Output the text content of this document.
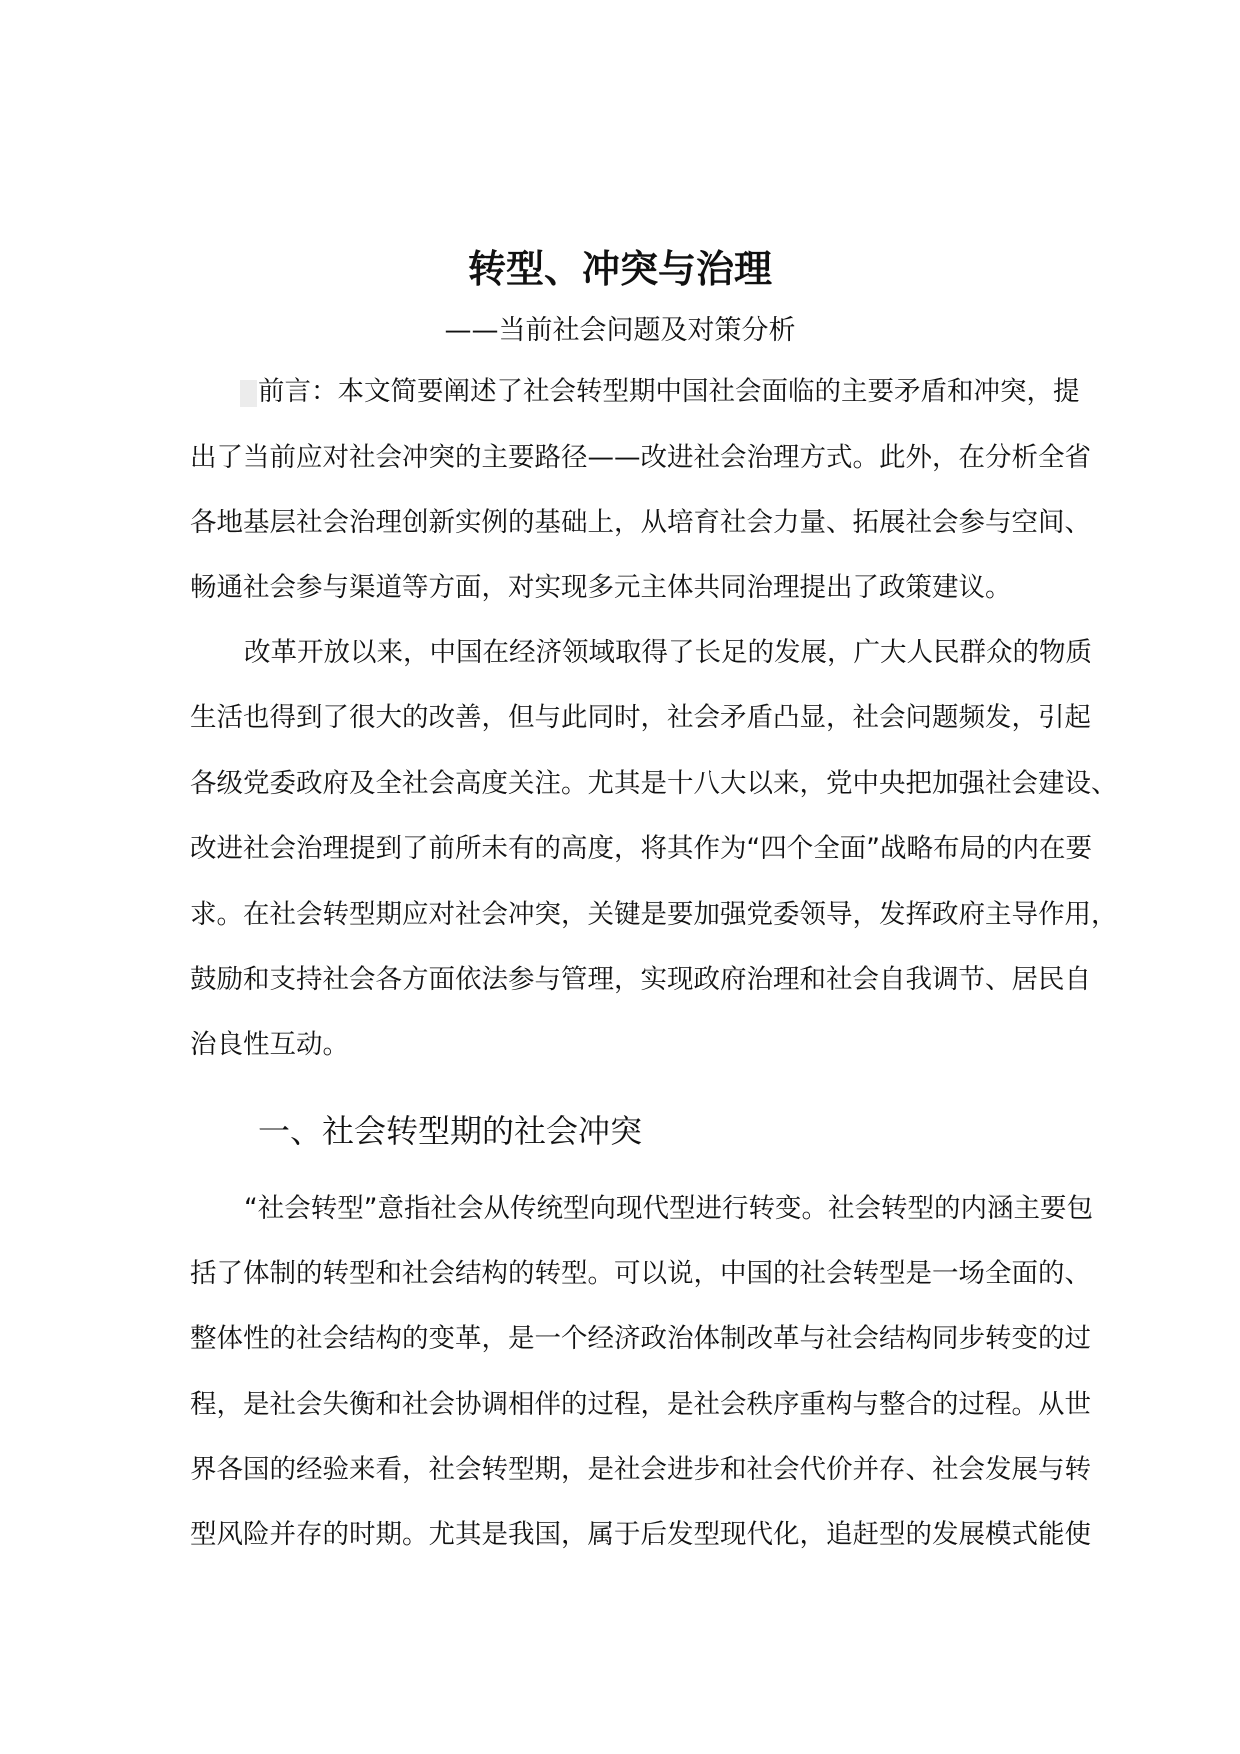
转型、冲突与治理
——当前社会问题及对策分析
前言：本文简要阐述了社会转型期中国社会面临的主要矛盾和冲突，提
出了当前应对社会冲突的主要路径——改进社会治理方式。此外，在分析全省
各地基层社会治理创新实例的基础上，从培育社会力量、拓展社会参与空间、
畅通社会参与渠道等方面，对实现多元主体共同治理提出了政策建议。
改革开放以来，中国在经济领域取得了长足的发展，广大人民群众的物质
生活也得到了很大的改善，但与此同时，社会矛盾凸显，社会问题频发，引起
各级党委政府及全社会高度关注。尤其是十八大以来，党中央把加强社会建设、
改进社会治理提到了前所未有的高度，将其作为“四个全面”战略布局的内在要
求。在社会转型期应对社会冲突，关键是要加强党委领导，发挥政府主导作用，
鼓励和支持社会各方面依法参与管理，实现政府治理和社会自我调节、居民自
治良性互动。
一、社会转型期的社会冲突
“社会转型”意指社会从传统型向现代型进行转变。社会转型的内涵主要包
括了体制的转型和社会结构的转型。可以说，中国的社会转型是一场全面的、
整体性的社会结构的变革，是一个经济政治体制改革与社会结构同步转变的过
程，是社会失衡和社会协调相伴的过程，是社会秩序重构与整合的过程。从世
界各国的经验来看，社会转型期，是社会进步和社会代价并存、社会发展与转
型风险并存的时期。尤其是我国，属于后发型现代化，追赶型的发展模式能使
